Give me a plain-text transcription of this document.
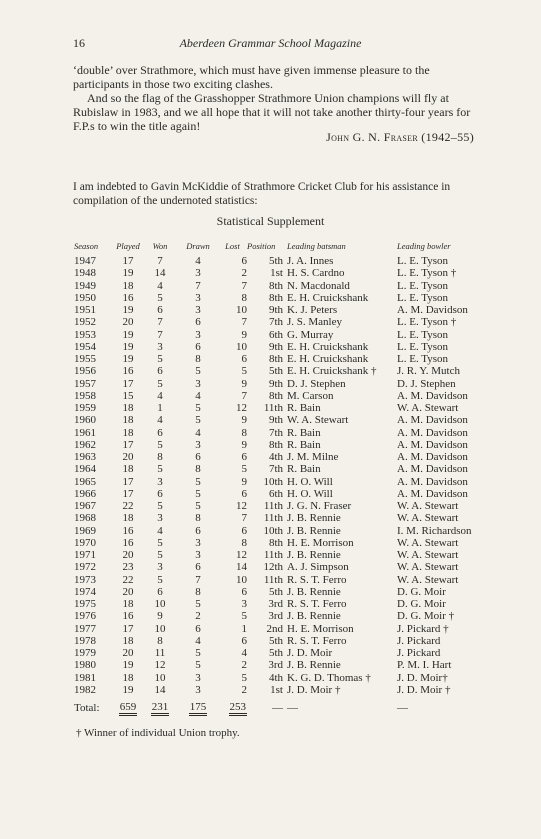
16	Aberdeen Grammar School Magazine

‘double’ over Strathmore, which must have given immense pleasure to the participants in those two exciting clashes.

And so the flag of the Grasshopper Strathmore Union champions will fly at Rubislaw in 1983, and we all hope that it will not take another thirty-four years for F.P.s to win the title again!

John G. N. Fraser (1942–55)

I am indebted to Gavin McKiddie of Strathmore Cricket Club for his assistance in compilation of the undernoted statistics:

Statistical Supplement
Season	Played	Won	Drawn	Lost	Position	Leading batsman	Leading bowler
1947	17	7	4	6	5th	J. A. Innes	L. E. Tyson
1948	19	14	3	2	1st	H. S. Cardno	L. E. Tyson †
1949	18	4	7	7	8th	N. Macdonald	L. E. Tyson
1950	16	5	3	8	8th	E. H. Cruickshank	L. E. Tyson
1951	19	6	3	10	9th	K. J. Peters	A. M. Davidson
1952	20	7	6	7	7th	J. S. Manley	L. E. Tyson †
1953	19	7	3	9	6th	G. Murray	L. E. Tyson
1954	19	3	6	10	9th	E. H. Cruickshank	L. E. Tyson
1955	19	5	8	6	8th	E. H. Cruickshank	L. E. Tyson
1956	16	6	5	5	5th	E. H. Cruickshank †	J. R. Y. Mutch
1957	17	5	3	9	9th	D. J. Stephen	D. J. Stephen
1958	15	4	4	7	8th	M. Carson	A. M. Davidson
1959	18	1	5	12	11th	R. Bain	W. A. Stewart
1960	18	4	5	9	9th	W. A. Stewart	A. M. Davidson
1961	18	6	4	8	7th	R. Bain	A. M. Davidson
1962	17	5	3	9	8th	R. Bain	A. M. Davidson
1963	20	8	6	6	4th	J. M. Milne	A. M. Davidson
1964	18	5	8	5	7th	R. Bain	A. M. Davidson
1965	17	3	5	9	10th	H. O. Will	A. M. Davidson
1966	17	6	5	6	6th	H. O. Will	A. M. Davidson
1967	22	5	5	12	11th	J. G. N. Fraser	W. A. Stewart
1968	18	3	8	7	11th	J. B. Rennie	W. A. Stewart
1969	16	4	6	6	10th	J. B. Rennie	I. M. Richardson
1970	16	5	3	8	8th	H. E. Morrison	W. A. Stewart
1971	20	5	3	12	11th	J. B. Rennie	W. A. Stewart
1972	23	3	6	14	12th	A. J. Simpson	W. A. Stewart
1973	22	5	7	10	11th	R. S. T. Ferro	W. A. Stewart
1974	20	6	8	6	5th	J. B. Rennie	D. G. Moir
1975	18	10	5	3	3rd	R. S. T. Ferro	D. G. Moir
1976	16	9	2	5	3rd	J. B. Rennie	D. G. Moir †
1977	17	10	6	1	2nd	H. E. Morrison	J. Pickard †
1978	18	8	4	6	5th	R. S. T. Ferro	J. Pickard
1979	20	11	5	4	5th	J. D. Moir	J. Pickard
1980	19	12	5	2	3rd	J. B. Rennie	P. M. I. Hart
1981	18	10	3	5	4th	K. G. D. Thomas †	J. D. Moir†
1982	19	14	3	2	1st	J. D. Moir †	J. D. Moir †
Total:	659	231	175	253	—	—	—
† Winner of individual Union trophy.
